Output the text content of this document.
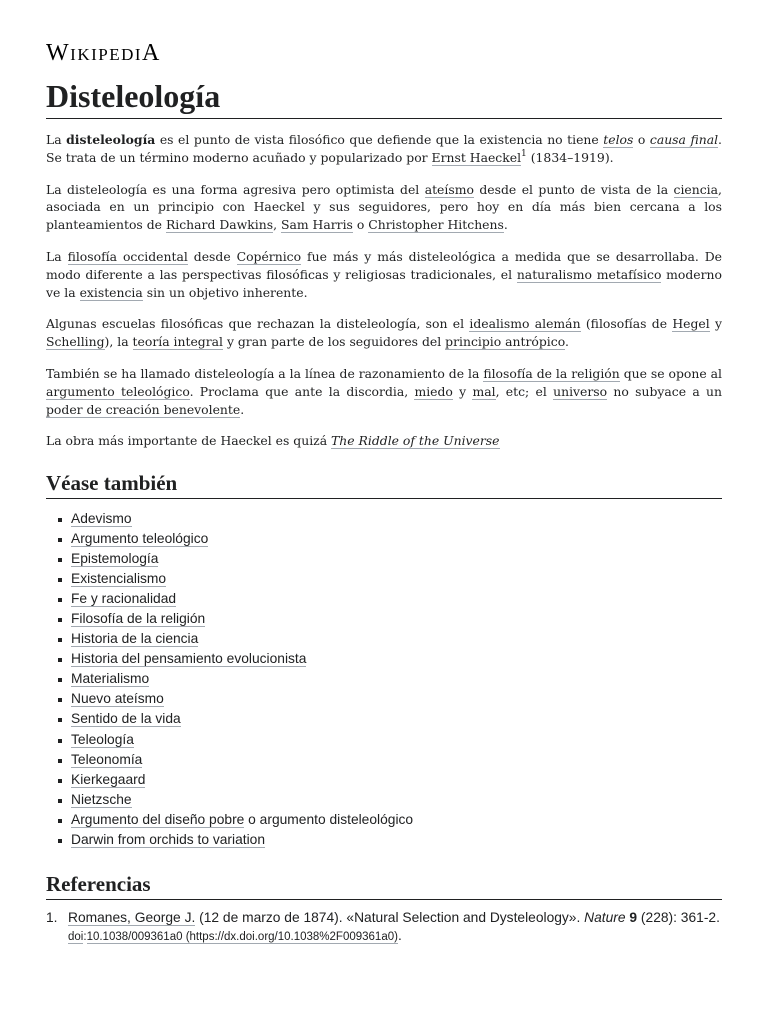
WikipediA
Disteleología

La disteleología es el punto de vista filosófico que defiende que la existencia no tiene telos o causa final. Se trata de un término moderno acuñado y popularizado por Ernst Haeckel$^1$ (1834–1919).

La disteleología es una forma agresiva pero optimista del ateísmo desde el punto de vista de la ciencia, asociada en un principio con Haeckel y sus seguidores, pero hoy en día más bien cercana a los planteamientos de Richard Dawkins, Sam Harris o Christopher Hitchens.

La filosofía occidental desde Copérnico fue más y más disteleológica a medida que se desarrollaba. De modo diferente a las perspectivas filosóficas y religiosas tradicionales, el naturalismo metafísico moderno ve la existencia sin un objetivo inherente.

Algunas escuelas filosóficas que rechazan la disteleología, son el idealismo alemán (filosofías de Hegel y Schelling), la teoría integral y gran parte de los seguidores del principio antrópico.

También se ha llamado disteleología a la línea de razonamiento de la filosofía de la religión que se opone al argumento teleológico. Proclama que ante la discordia, miedo y mal, etc; el universo no subyace a un poder de creación benevolente.

La obra más importante de Haeckel es quizá The Riddle of the Universe

Véase también
Adevismo
Argumento teleológico
Epistemología
Existencialismo
Fe y racionalidad
Filosofía de la religión
Historia de la ciencia
Historia del pensamiento evolucionista
Materialismo
Nuevo ateísmo
Sentido de la vida
Teleología
Teleonomía
Kierkegaard
Nietzsche
Argumento del diseño pobre o argumento disteleológico
Darwin from orchids to variation
Referencias
1. Romanes, George J. (12 de marzo de 1874). «Natural Selection and Dysteleology». Nature 9 (228): 361-2. doi:10.1038/009361a0 (https://dx.doi.org/10.1038%2F009361a0).
